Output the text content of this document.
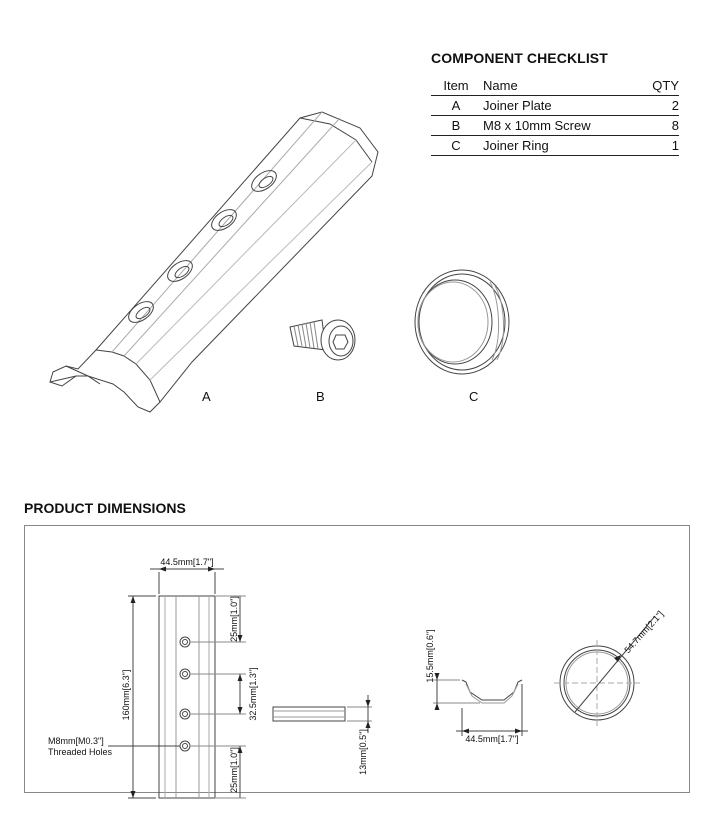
COMPONENT CHECKLIST
Item	Name	QTY
A	Joiner Plate	2
B	M8 x 10mm Screw	8
C	Joiner Ring	1
A	B	C
PRODUCT DIMENSIONS
44.5mm[1.7"]
160mm[6.3"]
25mm[1.0"]
32.5mm[1.3"]
25mm[1.0"]
M8mm[M0.3"]
Threaded Holes	13mm[0.5"]
15.5mm[0.6"]
44.5mm[1.7"]
54.7mm[2.1"]
